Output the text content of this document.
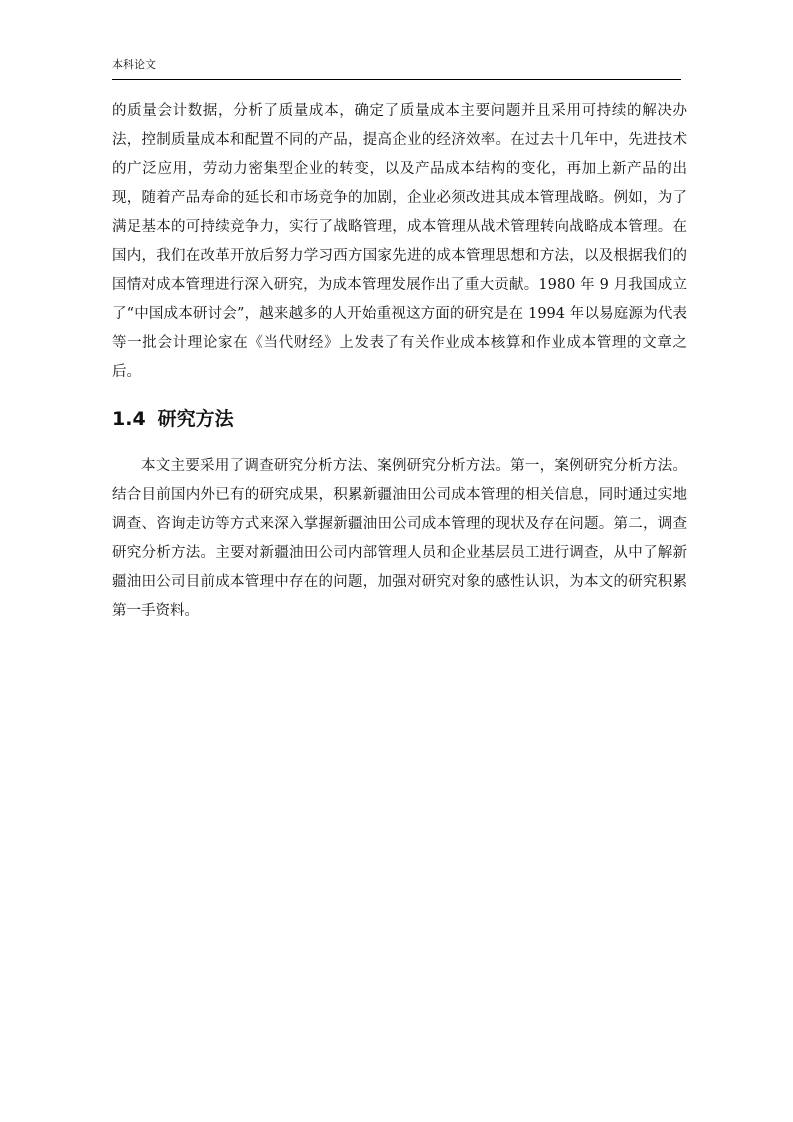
本科论文

的质量会计数据，分析了质量成本，确定了质量成本主要问题并且采用可持续的解决办法，控制质量成本和配置不同的产品，提高企业的经济效率。在过去十几年中，先进技术的广泛应用，劳动力密集型企业的转变，以及产品成本结构的变化，再加上新产品的出现，随着产品寿命的延长和市场竞争的加剧，企业必须改进其成本管理战略。例如，为了满足基本的可持续竞争力，实行了战略管理，成本管理从战术管理转向战略成本管理。在国内，我们在改革开放后努力学习西方国家先进的成本管理思想和方法，以及根据我们的国情对成本管理进行深入研究，为成本管理发展作出了重大贡献。1980 年 9 月我国成立了“中国成本研讨会”，越来越多的人开始重视这方面的研究是在 1994 年以易庭源为代表等一批会计理论家在《当代财经》上发表了有关作业成本核算和作业成本管理的文章之后。

1.4 研究方法

本文主要采用了调查研究分析方法、案例研究分析方法。第一，案例研究分析方法。结合目前国内外已有的研究成果，积累新疆油田公司成本管理的相关信息，同时通过实地调查、咨询走访等方式来深入掌握新疆油田公司成本管理的现状及存在问题。第二，调查研究分析方法。主要对新疆油田公司内部管理人员和企业基层员工进行调查，从中了解新疆油田公司目前成本管理中存在的问题，加强对研究对象的感性认识，为本文的研究积累第一手资料。
